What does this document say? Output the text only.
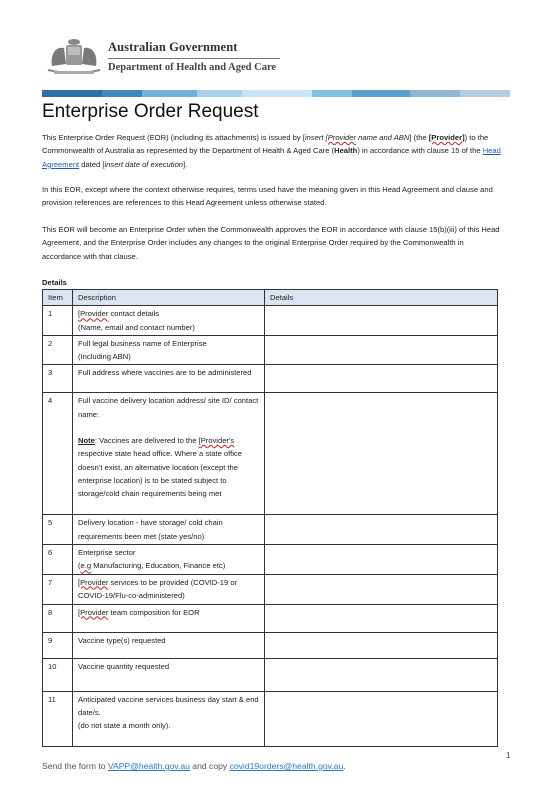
Australian Government
Department of Health and Aged Care
Enterprise Order Request
This Enterprise Order Request (EOR) (including its attachments) is issued by [insert [Provider name and ABN] (the [Provider]) to the Commonwealth of Australia as represented by the Department of Health & Aged Care (Health) in accordance with clause 15 of the Head Agreement dated [insert date of execution].
In this EOR, except where the context otherwise requires, terms used have the meaning given in this Head Agreement and clause and provision references are references to this Head Agreement unless otherwise stated.
This EOR will become an Enterprise Order when the Commonwealth approves the EOR in accordance with clause 15(b)(iii) of this Head Agreement, and the Enterprise Order includes any changes to the original Enterprise Order required by the Commonwealth in accordance with that clause.
Details
Item	Description	Details
1	[Provider contact details
(Name, email and contact number)	
2	Full legal business name of Enterprise
(Including ABN)	
3	Full address where vaccines are to be administered	
4	Full vaccine delivery location address/ site ID/ contact name:
Note: Vaccines are delivered to the [Provider's respective state head office. Where a state office doesn’t exist, an alternative location (except the enterprise location) is to be stated subject to storage/cold chain requirements being met	

5	Delivery location - have storage/ cold chain requirements been met (state yes/no)	
6	Enterprise sector
(e.g Manufacturing, Education, Finance etc)	
7	[Provider services to be provided (COVID-19 or COVID-19/Flu-co-administered)	
8	[Provider team composition for EOR	
9	Vaccine type(s) requested	
10	Vaccine quantity requested	
11	Anticipated vaccine services business day start & end date/s.
(do not state a month only).	
1
Send the form to VAPP@health.gov.au and copy covid19orders@health.gov.au.
